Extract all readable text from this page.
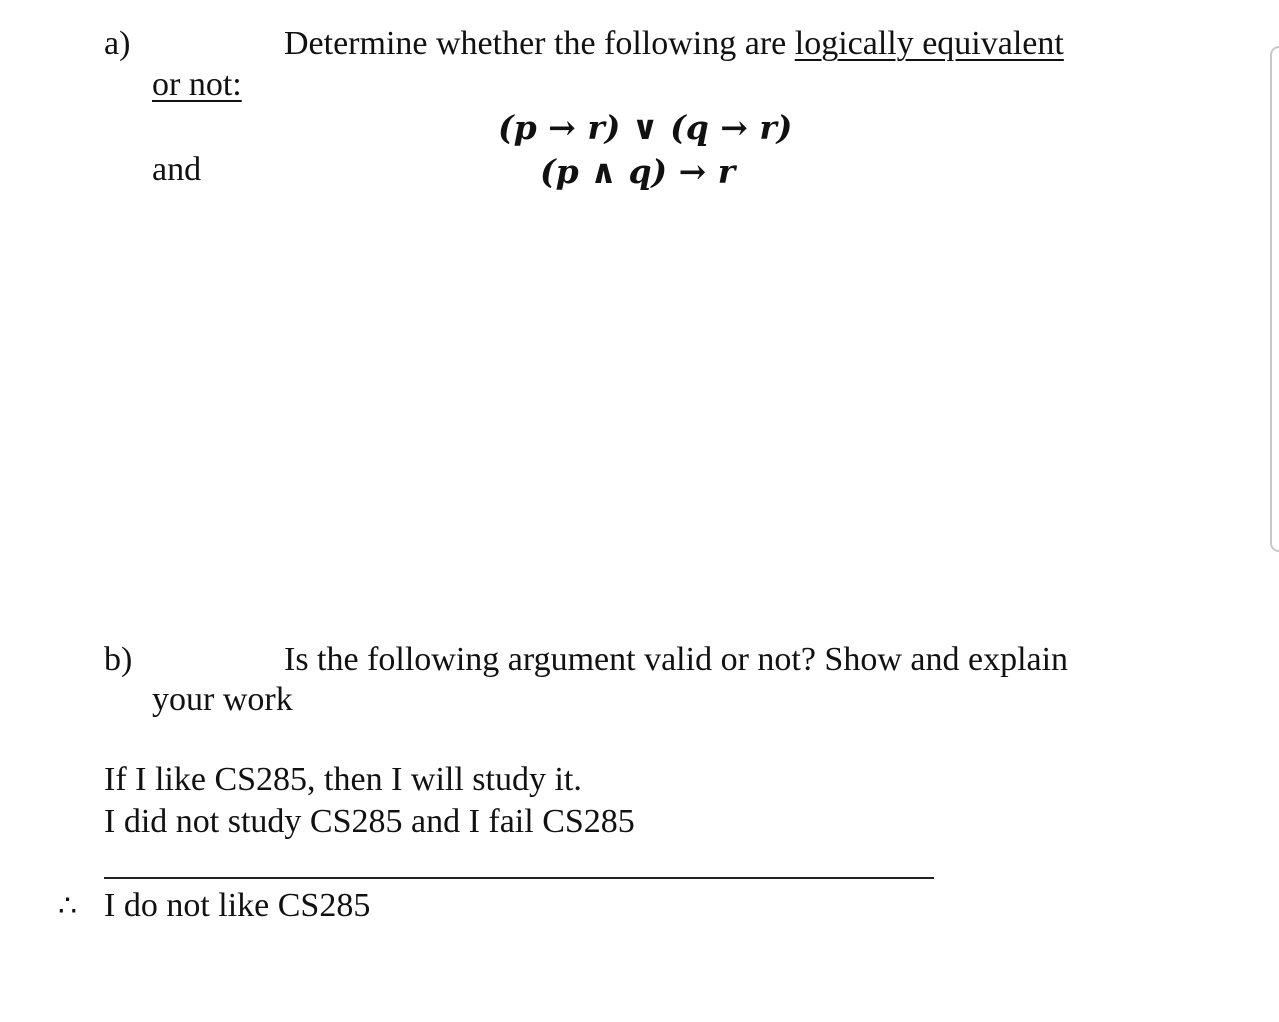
a)	Determine whether the following are logically equivalent
or not:
(p → r) ∨ (q → r)
and	(p ∧ q) → r
b)	Is the following argument valid or not? Show and explain
your work
If I like CS285, then I will study it.
I did not study CS285 and I fail CS285
∴ I do not like CS285
